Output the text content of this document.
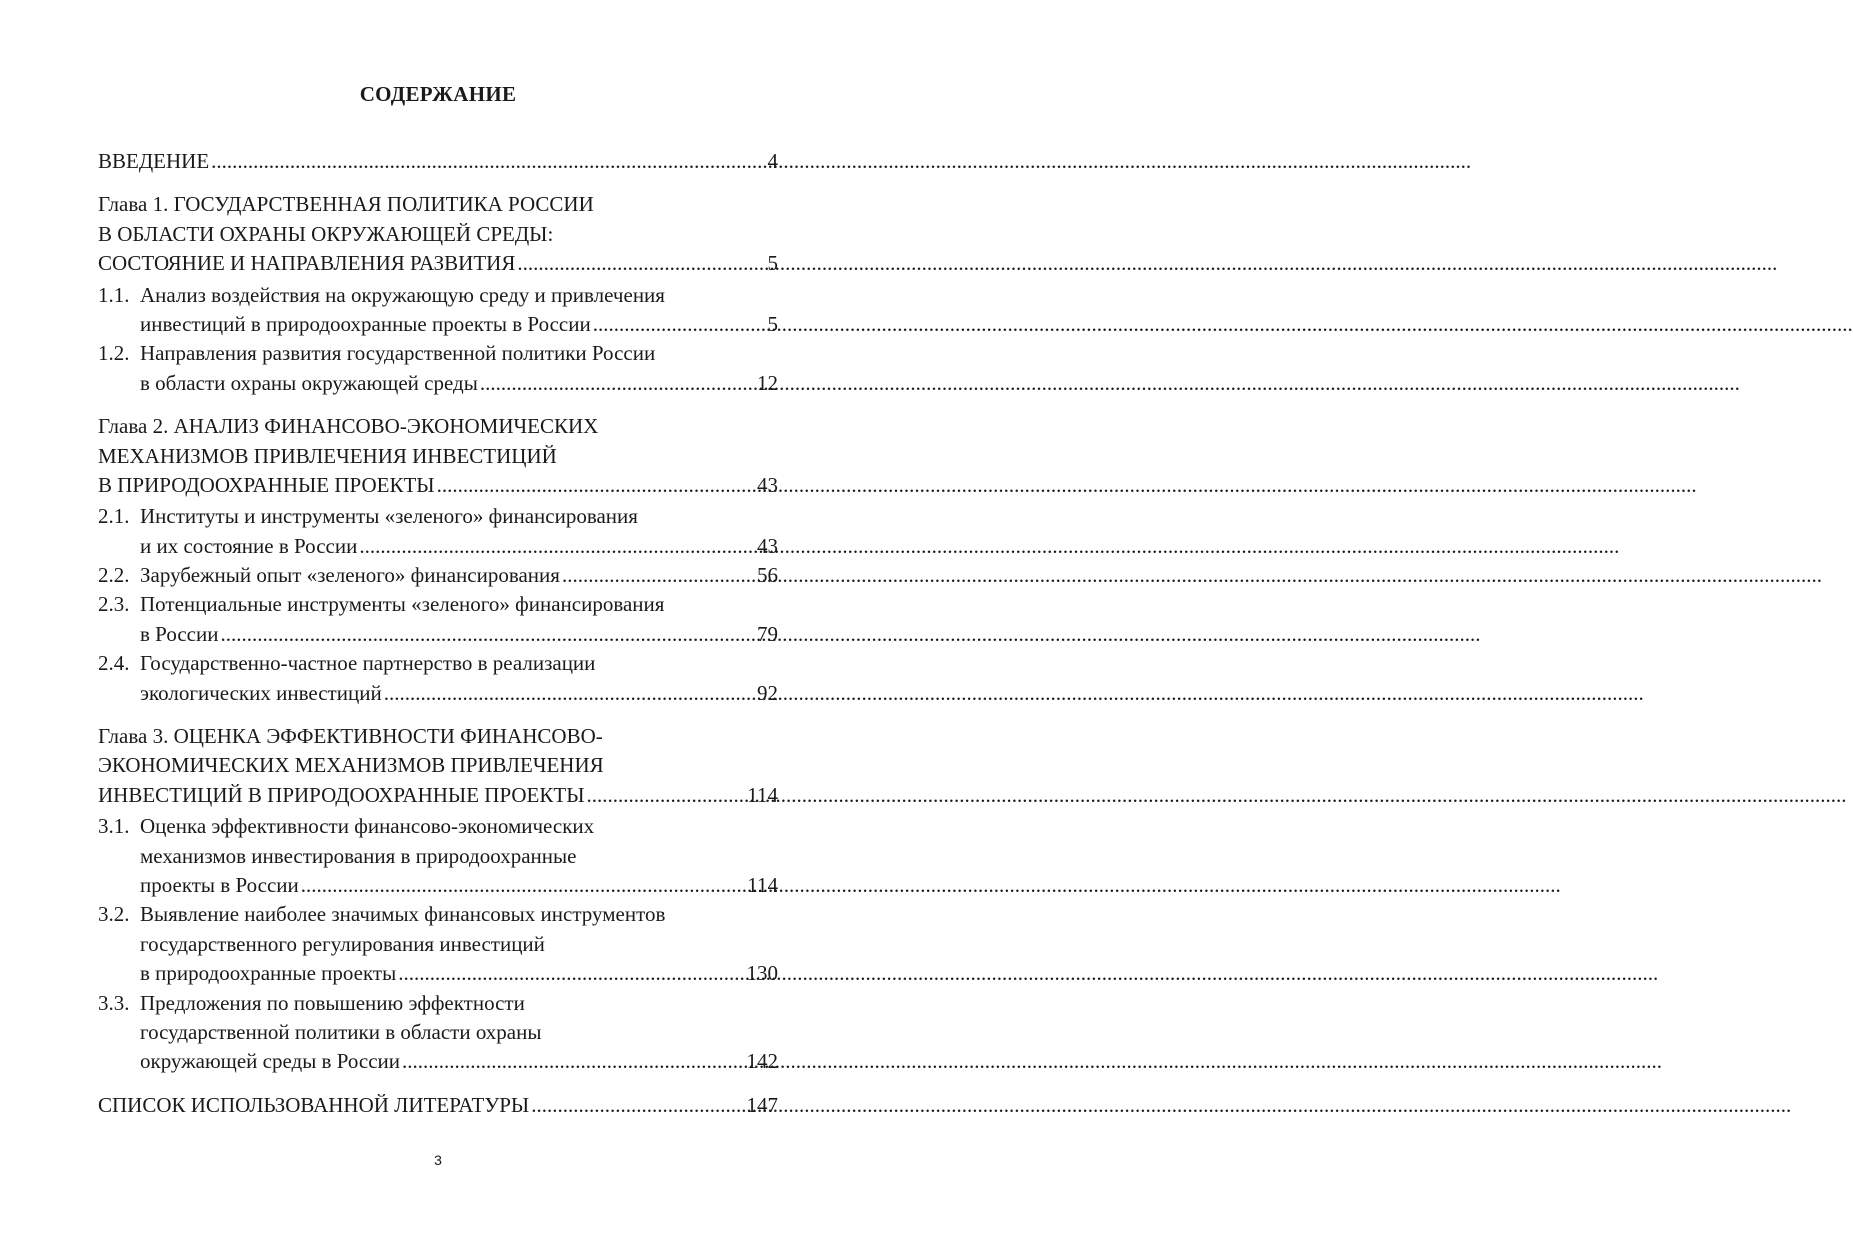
СОДЕРЖАНИЕ
ВВЕДЕНИЕ .....	4
Глава 1. ГОСУДАРСТВЕННАЯ ПОЛИТИКА РОССИИ
В ОБЛАСТИ ОХРАНЫ ОКРУЖАЮЩЕЙ СРЕДЫ:
СОСТОЯНИЕ И НАПРАВЛЕНИЯ РАЗВИТИЯ .....	5
1.1. Анализ воздействия на окружающую среду и привлечения
инвестиций в природоохранные проекты в России .....	5
1.2. Направления развития государственной политики России
в области охраны окружающей среды .....	12
Глава 2. АНАЛИЗ ФИНАНСОВО-ЭКОНОМИЧЕСКИХ
МЕХАНИЗМОВ ПРИВЛЕЧЕНИЯ ИНВЕСТИЦИЙ
В ПРИРОДООХРАННЫЕ ПРОЕКТЫ .....	43
2.1. Институты и инструменты «зеленого» финансирования
и их состояние в России .....	43
2.2. Зарубежный опыт «зеленого» финансирования .....	56
2.3. Потенциальные инструменты «зеленого» финансирования
в России .....	79
2.4. Государственно-частное партнерство в реализации
экологических инвестиций .....	92
Глава 3. ОЦЕНКА ЭФФЕКТИВНОСТИ ФИНАНСОВО-
ЭКОНОМИЧЕСКИХ МЕХАНИЗМОВ ПРИВЛЕЧЕНИЯ
ИНВЕСТИЦИЙ В ПРИРОДООХРАННЫЕ ПРОЕКТЫ .....	114
3.1. Оценка эффективности финансово-экономических
механизмов инвестирования в природоохранные
проекты в России .....	114
3.2. Выявление наиболее значимых финансовых инструментов
государственного регулирования инвестиций
в природоохранные проекты .....	130
3.3. Предложения по повышению эффектности
государственной политики в области охраны
окружающей среды в России .....	142
СПИСОК ИСПОЛЬЗОВАННОЙ ЛИТЕРАТУРЫ .....	147
3
